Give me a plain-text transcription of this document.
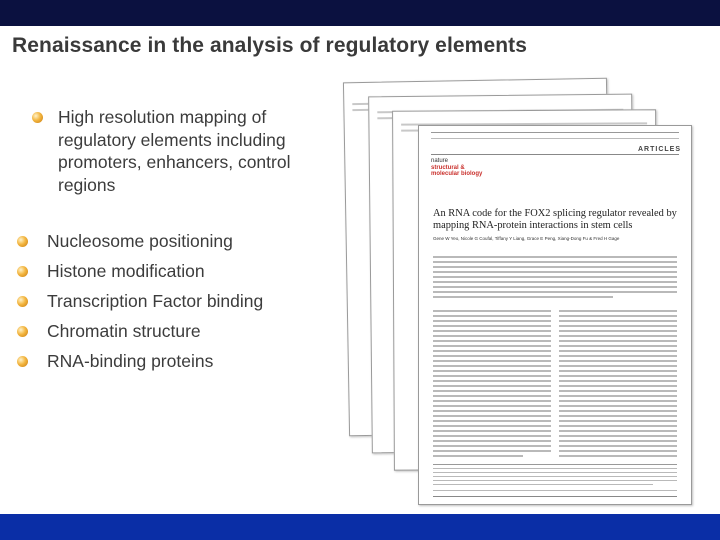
Renaissance in the analysis of regulatory elements
High resolution mapping of
regulatory elements including
promoters, enhancers, control
regions
Nucleosome positioning
Histone modification
Transcription Factor binding
Chromatin structure
RNA-binding proteins
ARTICLES
nature
structural &
molecular biology
An RNA code for the FOX2 splicing regulator revealed by mapping RNA-protein interactions in stem cells
Gene W Yeo, Nicole G Coufal, Tiffany Y Liang, Grace E Peng, Xiang-Dong Fu & Fred H Gage
